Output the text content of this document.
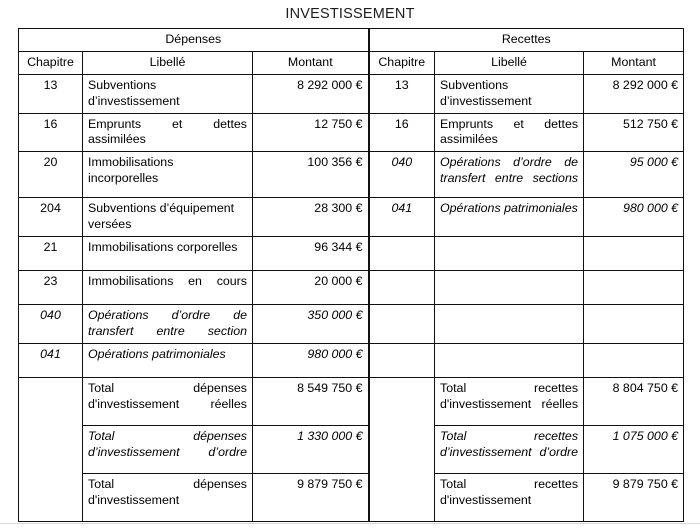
INVESTISSEMENT
Dépenses			Recettes		
Chapitre	Libellé	Montant	Chapitre	Libellé	Montant
13	Subventions d’investissement	8 292 000 €	13	Subventions d’investissement	8 292 000 €
16	Emprunts et dettes assimilées	12 750 €	16	Emprunts et dettes assimilées	512 750 €
20	Immobilisations incorporelles	100 356 €	040	Opérations d’ordre de transfert entre sections	95 000 €
204	Subventions d’équipement versées	28 300 €	041	Opérations patrimoniales	980 000 €
21	Immobilisations corporelles	96 344 €			
23	Immobilisations en cours	20 000 €			
040	Opérations d’ordre de transfert entre section	350 000 €			
041	Opérations patrimoniales	980 000 €			
	Total dépenses d'investissement réelles	8 549 750 €		Total recettes d'investissement réelles	8 804 750 €
	Total dépenses d’investissement d’ordre	1 330 000 €		Total recettes d’investissement d’ordre	1 075 000 €
	Total dépenses d'investissement	9 879 750 €		Total recettes d'investissement	9 879 750 €
